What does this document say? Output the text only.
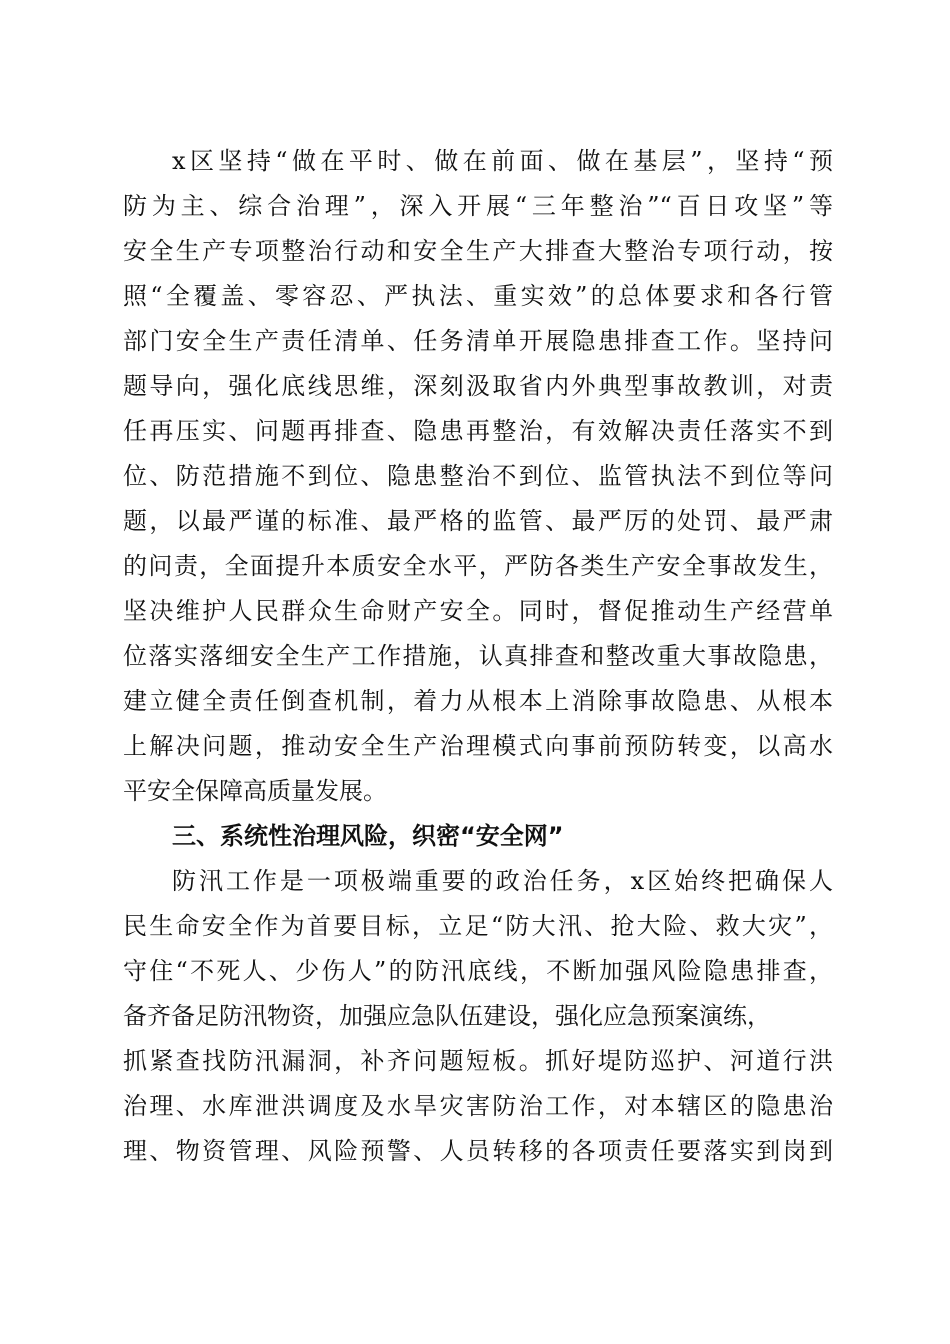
x区坚持“做在平时、做在前面、做在基层”，坚持“预
防为主、综合治理”，深入开展“三年整治”“百日攻坚”等
安全生产专项整治行动和安全生产大排查大整治专项行动，按
照“全覆盖、零容忍、严执法、重实效”的总体要求和各行管
部门安全生产责任清单、任务清单开展隐患排查工作。坚持问
题导向，强化底线思维，深刻汲取省内外典型事故教训，对责
任再压实、问题再排查、隐患再整治，有效解决责任落实不到
位、防范措施不到位、隐患整治不到位、监管执法不到位等问
题，以最严谨的标准、最严格的监管、最严厉的处罚、最严肃
的问责，全面提升本质安全水平，严防各类生产安全事故发生，
坚决维护人民群众生命财产安全。同时，督促推动生产经营单
位落实落细安全生产工作措施，认真排查和整改重大事故隐患，
建立健全责任倒查机制，着力从根本上消除事故隐患、从根本
上解决问题，推动安全生产治理模式向事前预防转变，以高水
平安全保障高质量发展。
三、系统性治理风险，织密“安全网”
防汛工作是一项极端重要的政治任务，x区始终把确保人
民生命安全作为首要目标，立足“防大汛、抢大险、救大灾”，
守住“不死人、少伤人”的防汛底线，不断加强风险隐患排查，
备齐备足防汛物资，加强应急队伍建设，强化应急预案演练，
抓紧查找防汛漏洞，补齐问题短板。抓好堤防巡护、河道行洪
治理、水库泄洪调度及水旱灾害防治工作，对本辖区的隐患治
理、物资管理、风险预警、人员转移的各项责任要落实到岗到
